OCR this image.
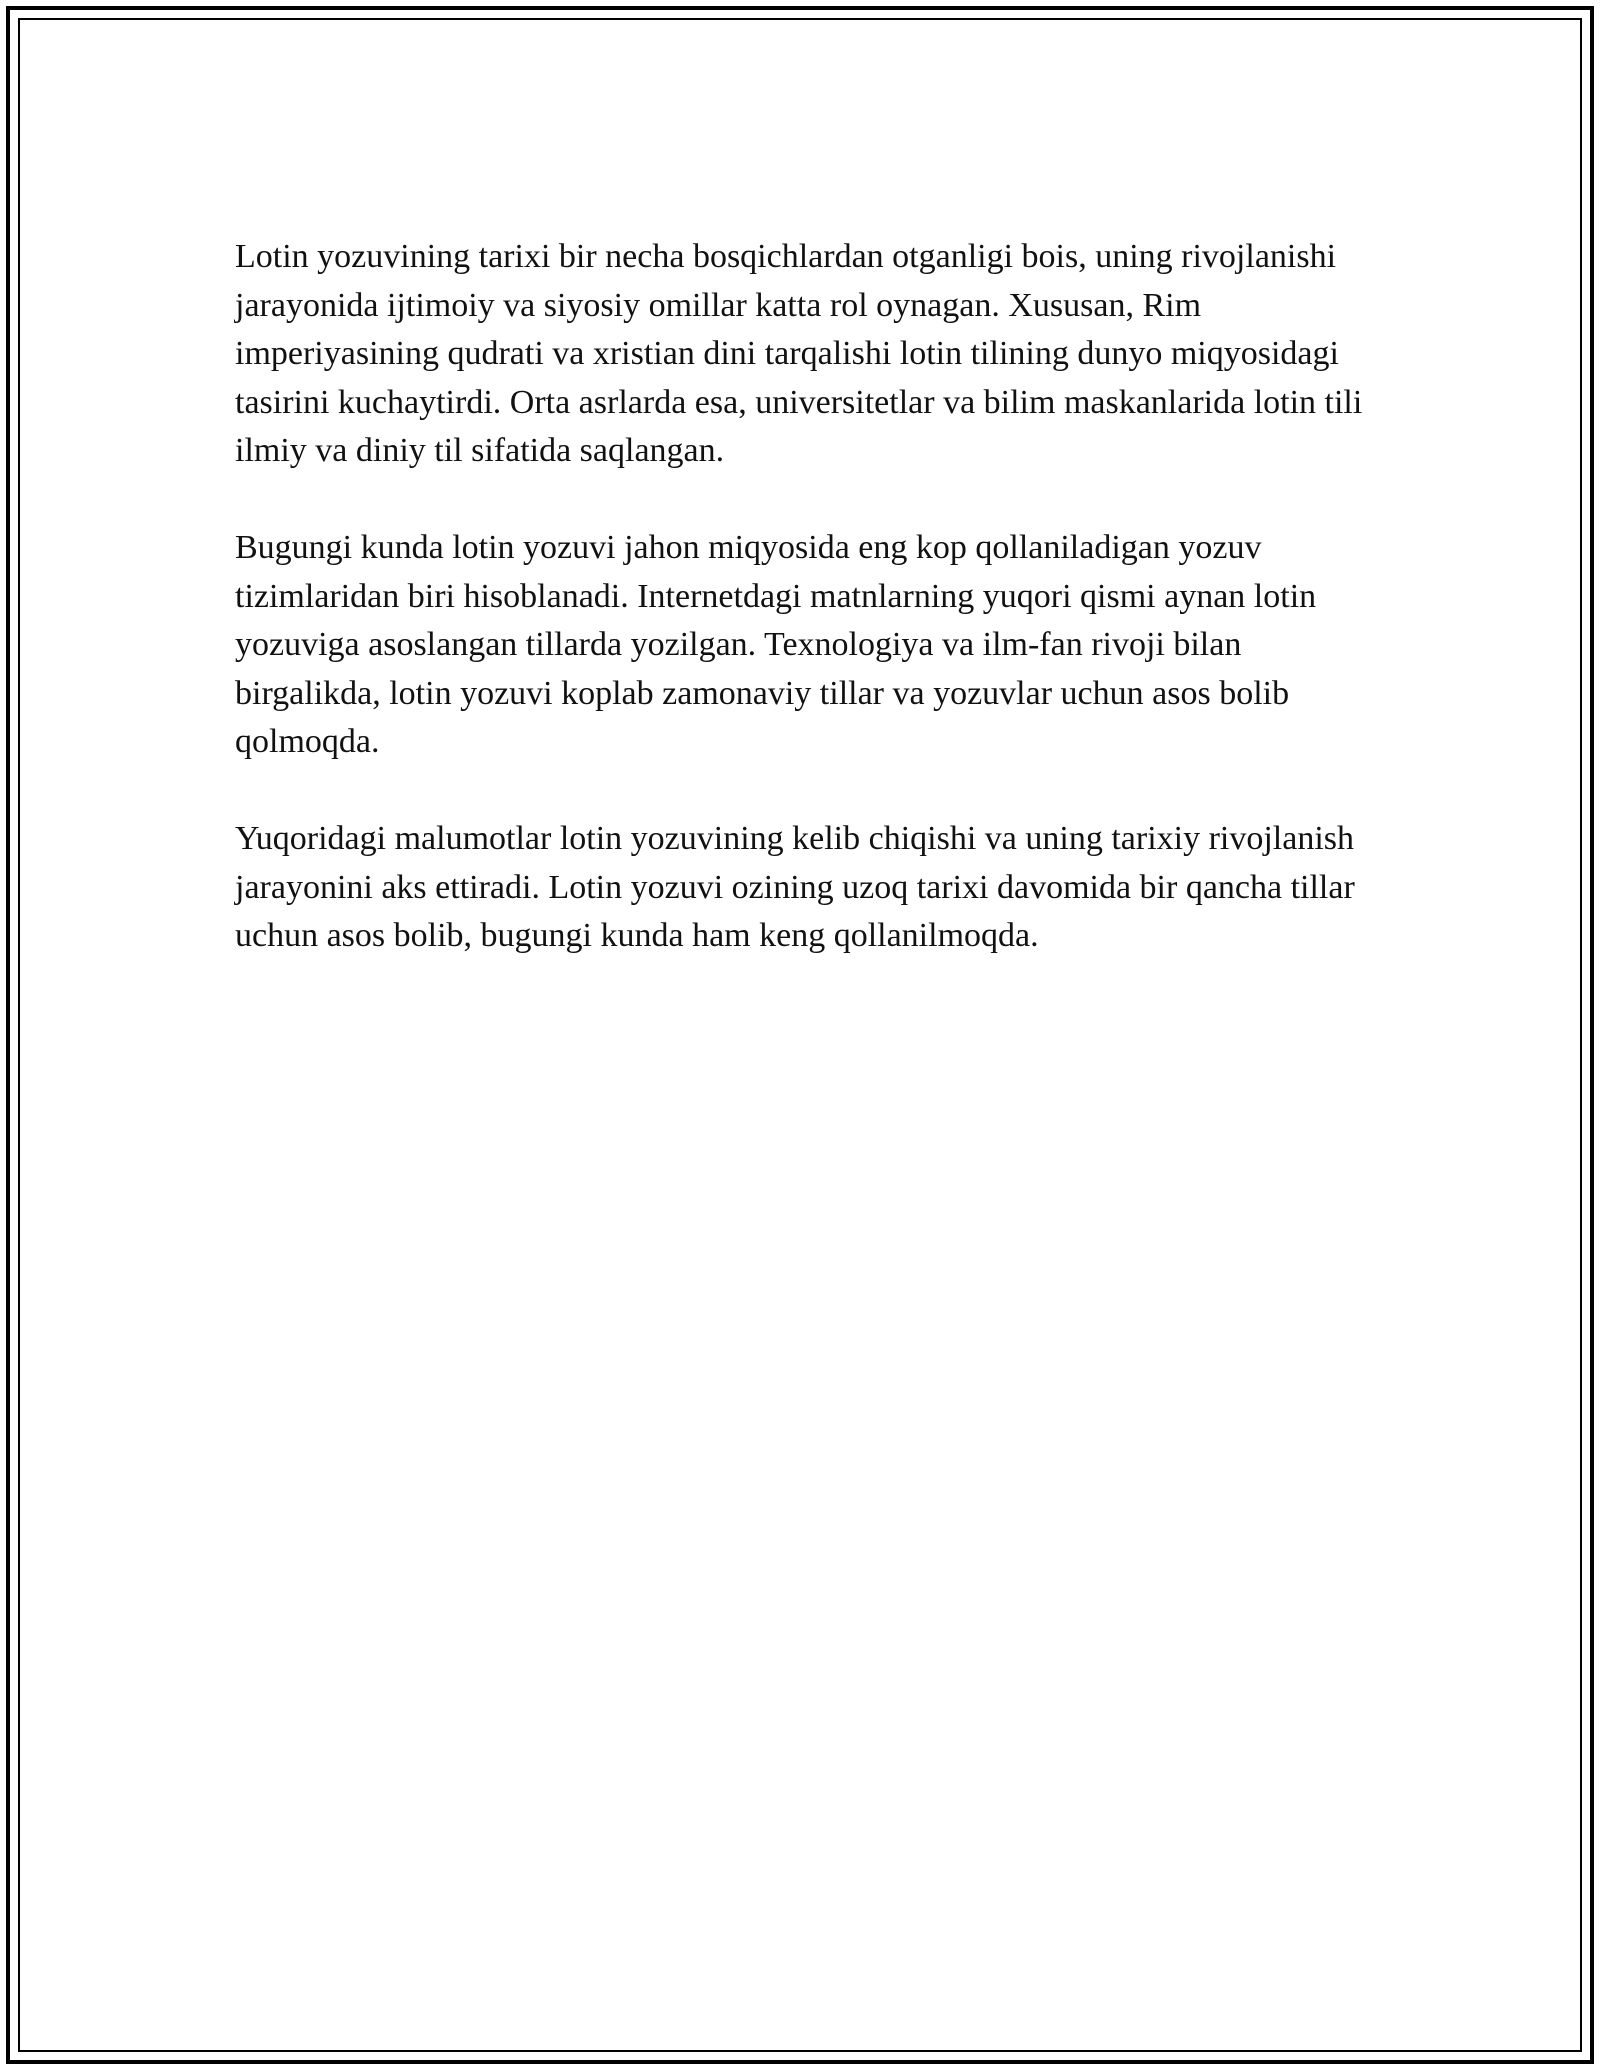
Lotin yozuvining tarixi bir necha bosqichlardan otganligi bois, uning rivojlanishi jarayonida ijtimoiy va siyosiy omillar katta rol oynagan. Xususan, Rim imperiyasining qudrati va xristian dini tarqalishi lotin tilining dunyo miqyosidagi tasirini kuchaytirdi. Orta asrlarda esa, universitetlar va bilim maskanlarida lotin tili ilmiy va diniy til sifatida saqlangan.

Bugungi kunda lotin yozuvi jahon miqyosida eng kop qollaniladigan yozuv tizimlaridan biri hisoblanadi. Internetdagi matnlarning yuqori qismi aynan lotin yozuviga asoslangan tillarda yozilgan. Texnologiya va ilm-fan rivoji bilan birgalikda, lotin yozuvi koplab zamonaviy tillar va yozuvlar uchun asos bolib qolmoqda.

Yuqoridagi malumotlar lotin yozuvining kelib chiqishi va uning tarixiy rivojlanish jarayonini aks ettiradi. Lotin yozuvi ozining uzoq tarixi davomida bir qancha tillar uchun asos bolib, bugungi kunda ham keng qollanilmoqda.
